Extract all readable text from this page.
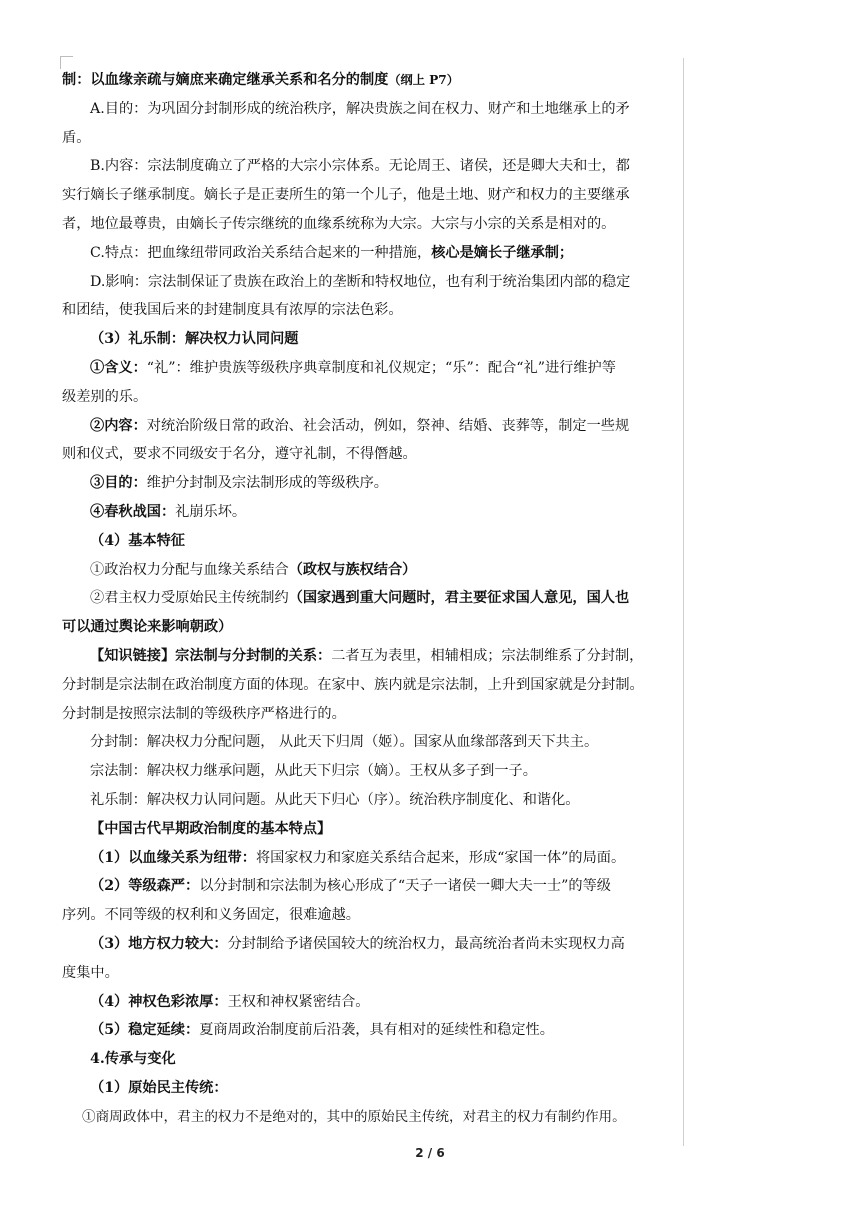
制：以血缘亲疏与嫡庶来确定继承关系和名分的制度（纲上 P7）
A.目的：为巩固分封制形成的统治秩序，解决贵族之间在权力、财产和土地继承上的矛
盾。
B.内容：宗法制度确立了严格的大宗小宗体系。无论周王、诸侯，还是卿大夫和士，都
实行嫡长子继承制度。嫡长子是正妻所生的第一个儿子，他是土地、财产和权力的主要继承
者，地位最尊贵，由嫡长子传宗继统的血缘系统称为大宗。大宗与小宗的关系是相对的。
C.特点：把血缘纽带同政治关系结合起来的一种措施，核心是嫡长子继承制；
D.影响：宗法制保证了贵族在政治上的垄断和特权地位，也有利于统治集团内部的稳定
和团结，使我国后来的封建制度具有浓厚的宗法色彩。
（3）礼乐制：解决权力认同问题
①含义：“礼”：维护贵族等级秩序典章制度和礼仪规定；“乐”：配合“礼”进行维护等
级差别的乐。
②内容：对统治阶级日常的政治、社会活动，例如，祭神、结婚、丧葬等，制定一些规
则和仪式，要求不同级安于名分，遵守礼制，不得僭越。
③目的：维护分封制及宗法制形成的等级秩序。
④春秋战国：礼崩乐坏。
（4）基本特征
①政治权力分配与血缘关系结合（政权与族权结合）
②君主权力受原始民主传统制约（国家遇到重大问题时，君主要征求国人意见，国人也
可以通过舆论来影响朝政）
【知识链接】宗法制与分封制的关系：二者互为表里，相辅相成；宗法制维系了分封制，
分封制是宗法制在政治制度方面的体现。在家中、族内就是宗法制，上升到国家就是分封制。
分封制是按照宗法制的等级秩序严格进行的。
分封制：解决权力分配问题， 从此天下归周（姬）。国家从血缘部落到天下共主。
宗法制：解决权力继承问题，从此天下归宗（嫡）。王权从多子到一子。
礼乐制：解决权力认同问题。从此天下归心（序）。统治秩序制度化、和谐化。
【中国古代早期政治制度的基本特点】
（1）以血缘关系为纽带：将国家权力和家庭关系结合起来，形成“家国一体”的局面。
（2）等级森严：以分封制和宗法制为核心形成了“天子一诸侯一卿大夫一士”的等级
序列。不同等级的权利和义务固定，很难逾越。
（3）地方权力较大：分封制给予诸侯国较大的统治权力，最高统治者尚未实现权力高
度集中。
（4）神权色彩浓厚：王权和神权紧密结合。
（5）稳定延续：夏商周政治制度前后沿袭，具有相对的延续性和稳定性。
4.传承与变化
（1）原始民主传统：
①商周政体中，君主的权力不是绝对的，其中的原始民主传统，对君主的权力有制约作用。
2 / 6
